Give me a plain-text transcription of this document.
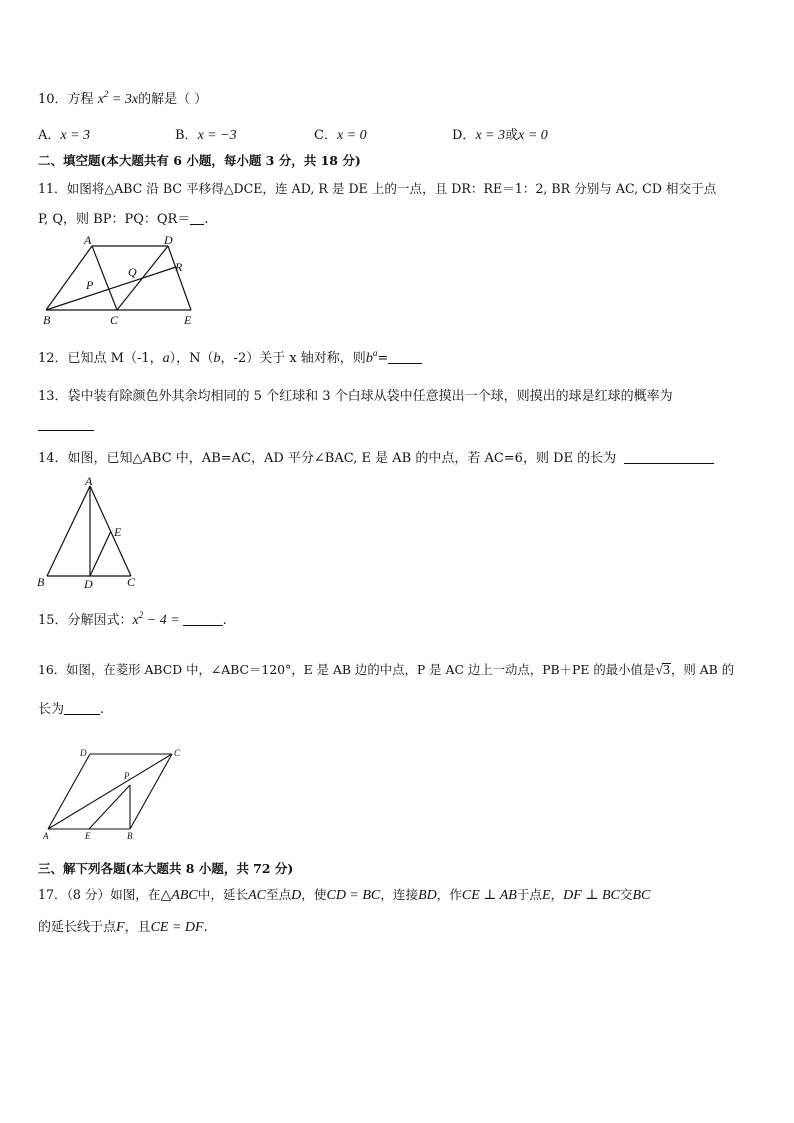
10．方程 $x^2 = 3x$的解是（ ）
A．x = 3	B．x = −3	C．x = 0	D．x = 3或x = 0
二、填空题(本大题共有 6 小题，每小题 3 分，共 18 分)
11．如图将△ABC 沿 BC 平移得△DCE，连 AD, R 是 DE 上的一点，且 DR：RE＝1：2, BR 分别与 AC, CD 相交于点
P, Q，则 BP：PQ：QR＝ .
A	D
Q	R
P
B	C	E
12．已知点 M（-1，a），N（b，-2）关于 x 轴对称，则$b^a=$
13．袋中装有除颜色外其余均相同的 5 个红球和 3 个白球从袋中任意摸出一个球，则摸出的球是红球的概率为
14．如图，已知△ABC 中，AB=AC，AD 平分∠BAC, E 是 AB 的中点，若 AC=6，则 DE 的长为
A
E
B	D	C
15．分解因式：$x^2 - 4$ =	.
16．如图，在菱形 ABCD 中，∠ABC＝120°，E 是 AB 边的中点，P 是 AC 边上一动点，PB＋PE 的最小值是√3，则 AB 的
长为	.
D	C
P
A	E	B
三、解下列各题(本大题共 8 小题，共 72 分)
17．（8 分）如图，在△ABC中，延长AC至点D，使CD = BC，连接BD，作CE ⊥ AB于点E，DF ⊥ BC交BC
的延长线于点F，且CE = DF.
